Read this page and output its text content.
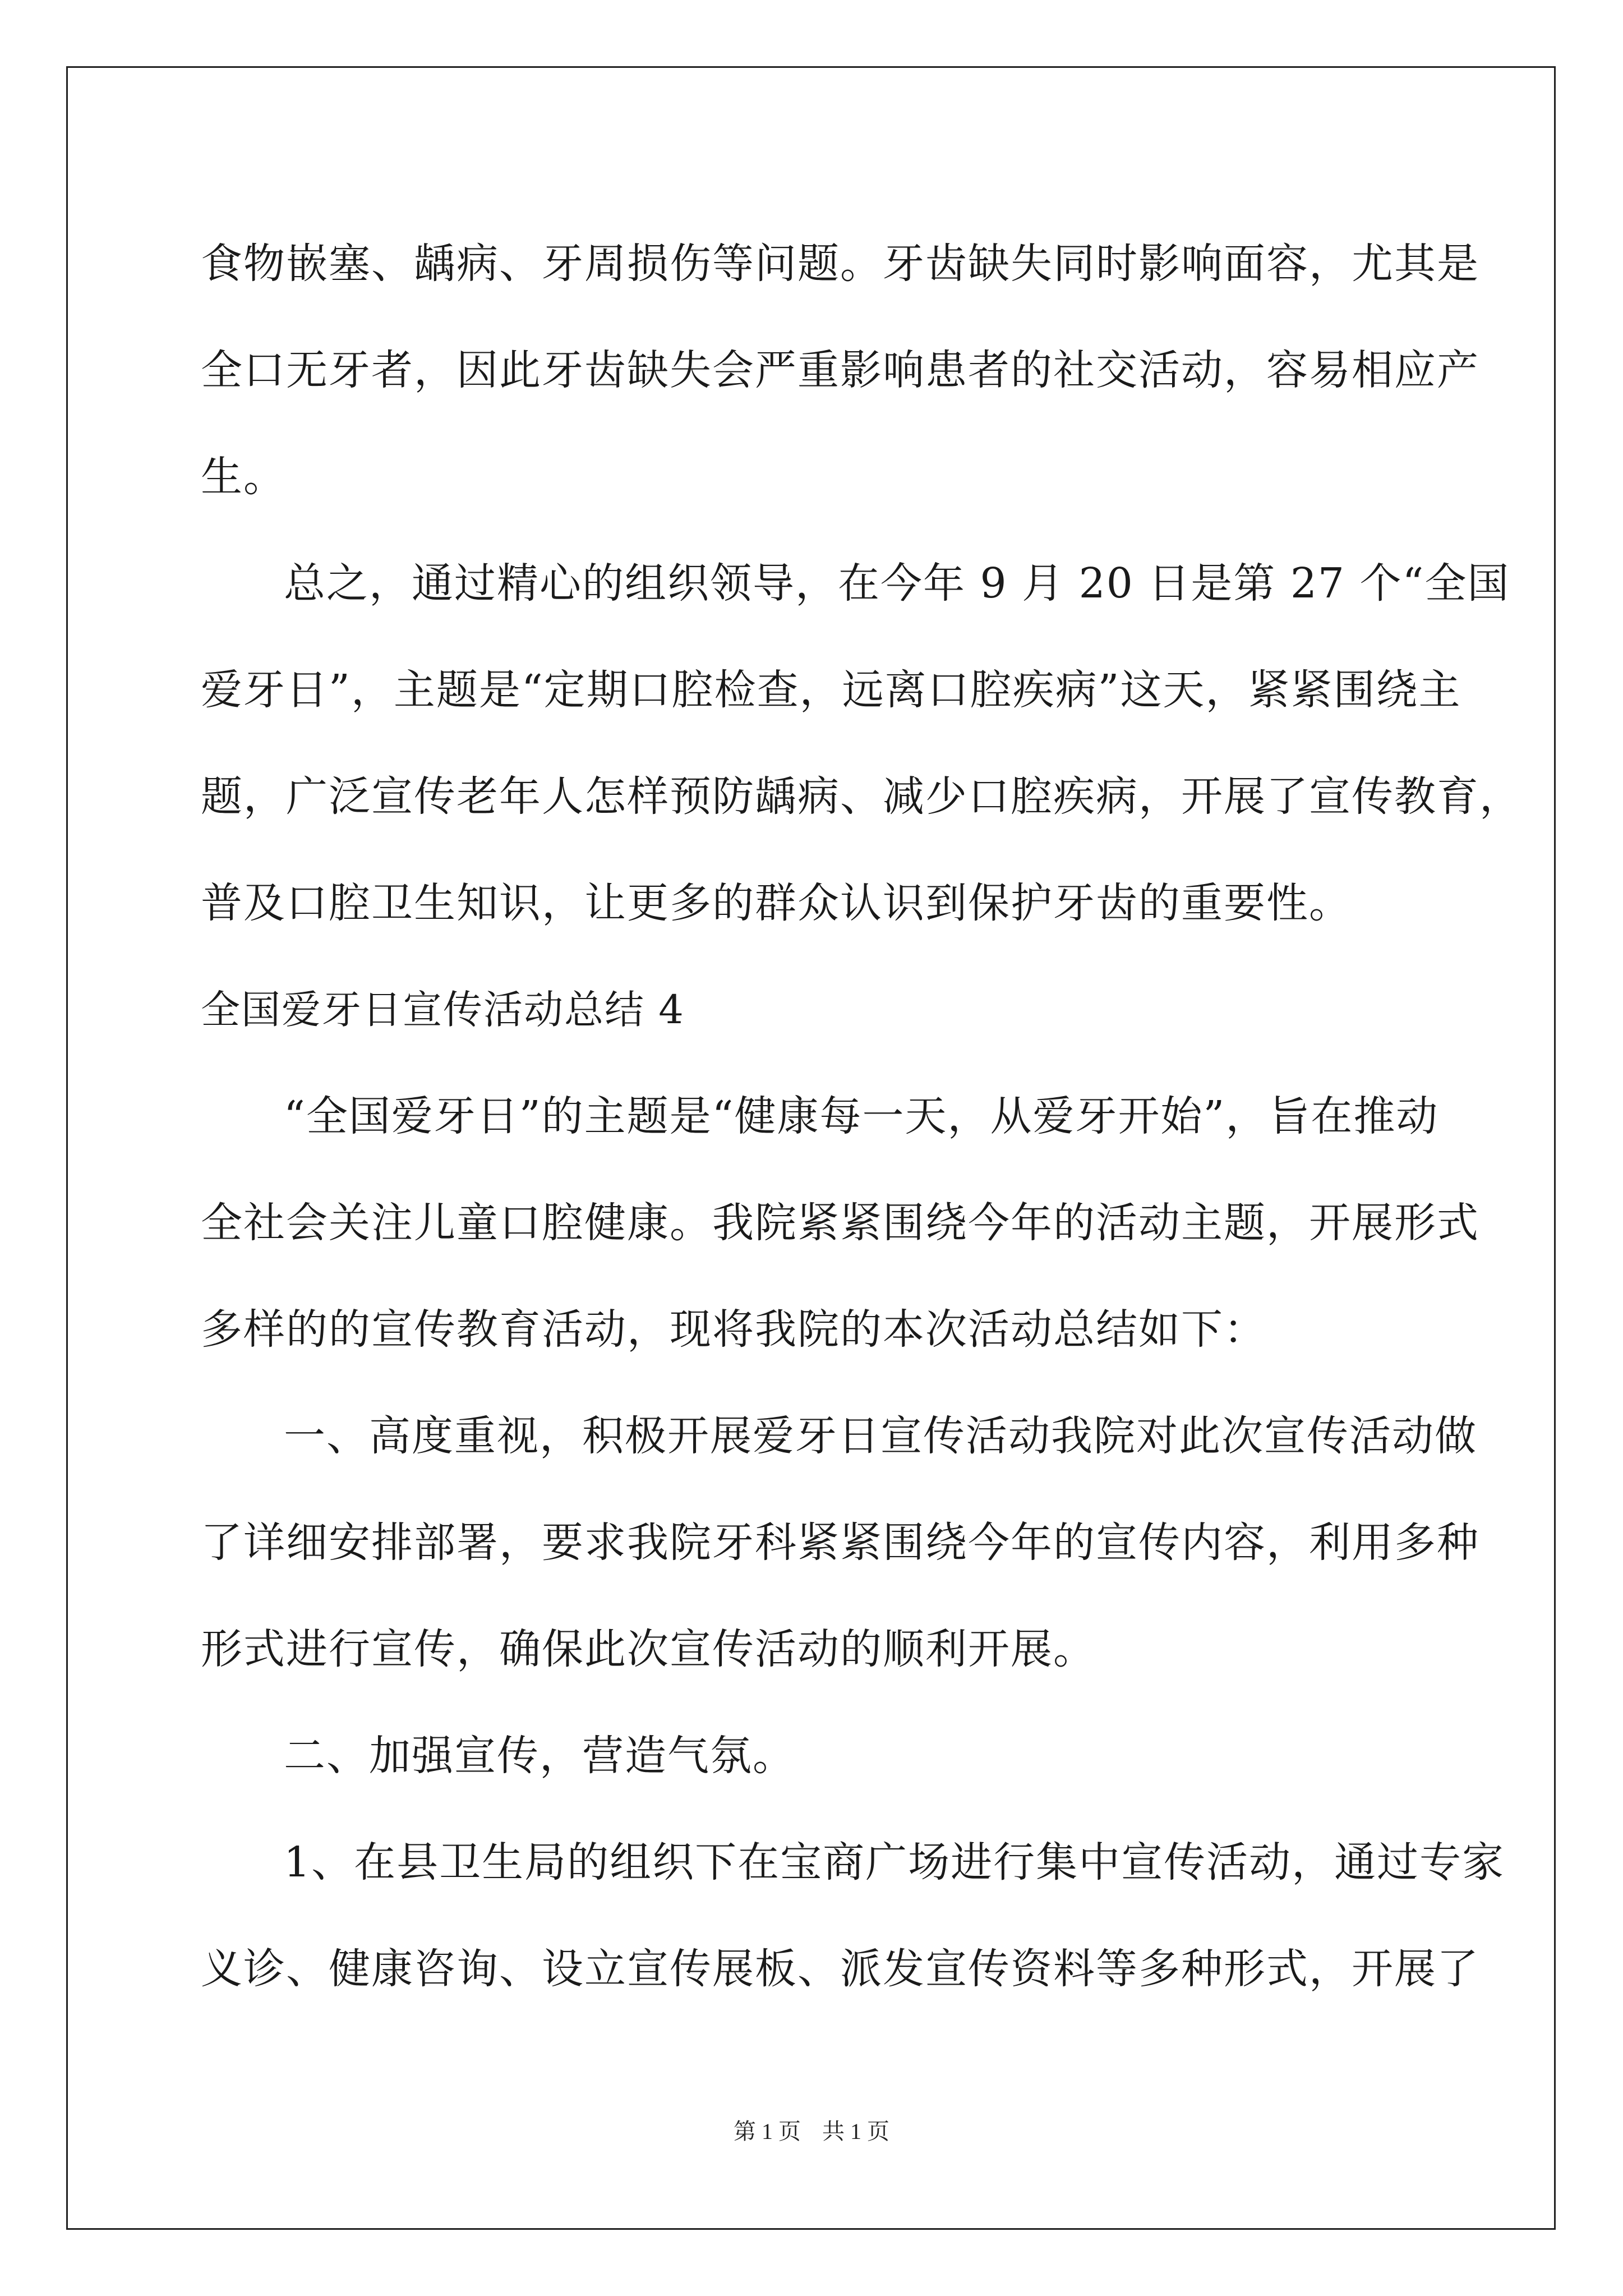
食物嵌塞、龋病、牙周损伤等问题。牙齿缺失同时影响面容，尤其是
全口无牙者，因此牙齿缺失会严重影响患者的社交活动，容易相应产
生。
总之，通过精心的组织领导，在今年 9 月 20 日是第 27 个“全国
爱牙日”，主题是“定期口腔检查，远离口腔疾病”这天，紧紧围绕主
题，广泛宣传老年人怎样预防龋病、减少口腔疾病，开展了宣传教育，
普及口腔卫生知识，让更多的群众认识到保护牙齿的重要性。
全国爱牙日宣传活动总结 4
“全国爱牙日”的主题是“健康每一天，从爱牙开始”，旨在推动
全社会关注儿童口腔健康。我院紧紧围绕今年的活动主题，开展形式
多样的的宣传教育活动，现将我院的本次活动总结如下：
一、高度重视，积极开展爱牙日宣传活动我院对此次宣传活动做
了详细安排部署，要求我院牙科紧紧围绕今年的宣传内容，利用多种
形式进行宣传，确保此次宣传活动的顺利开展。
二、加强宣传，营造气氛。
1、在县卫生局的组织下在宝商广场进行集中宣传活动，通过专家
义诊、健康咨询、设立宣传展板、派发宣传资料等多种形式，开展了
第 1 页 共 1 页
